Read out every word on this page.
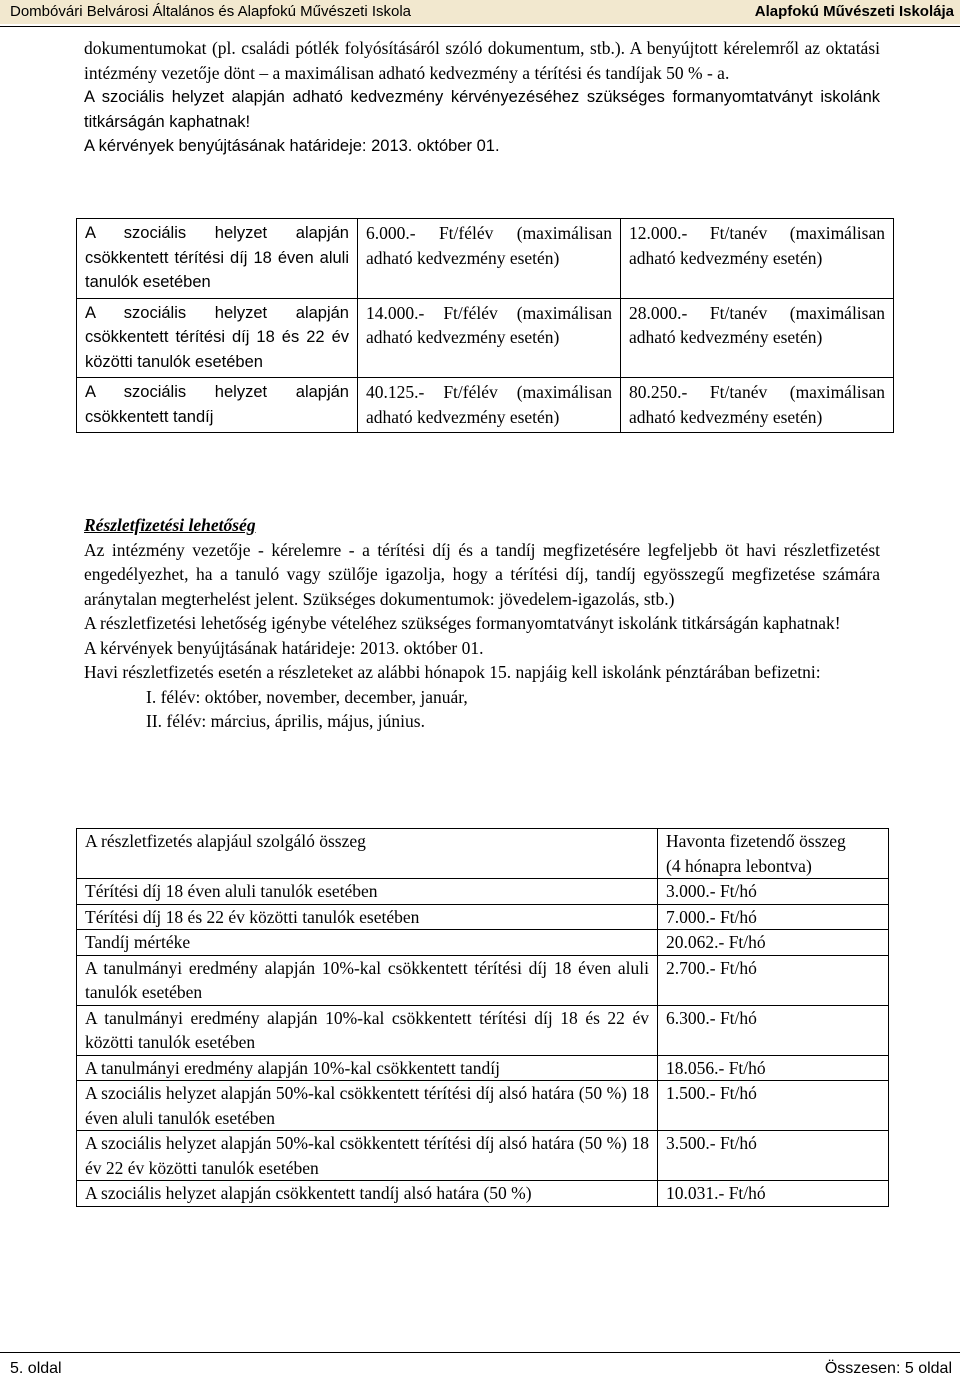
Dombóvári Belvárosi Általános és Alapfokú Művészeti Iskola	Alapfokú Művészeti Iskolája

dokumentumokat (pl. családi pótlék folyósításáról szóló dokumentum, stb.). A benyújtott kérelemről az oktatási intézmény vezetője dönt – a maximálisan adható kedvezmény a térítési és tandíjak 50 % - a.

A szociális helyzet alapján adható kedvezmény kérvényezéséhez szükséges formanyomtatványt iskolánk titkárságán kaphatnak!

A kérvények benyújtásának határideje: 2013. október 01.

A szociális helyzet alapján csökkentett térítési díj 18 éven aluli tanulók esetében	6.000.- Ft/félév (maximálisan adható kedvezmény esetén)	12.000.- Ft/tanév (maximálisan adható kedvezmény esetén)
A szociális helyzet alapján csökkentett térítési díj 18 és 22 év közötti tanulók esetében	14.000.- Ft/félév (maximálisan adható kedvezmény esetén)	28.000.- Ft/tanév (maximálisan adható kedvezmény esetén)
A szociális helyzet alapján csökkentett tandíj	40.125.- Ft/félév (maximálisan adható kedvezmény esetén)	80.250.- Ft/tanév (maximálisan adható kedvezmény esetén)

Részletfizetési lehetőség

Az intézmény vezetője - kérelemre - a térítési díj és a tandíj megfizetésére legfeljebb öt havi részletfizetést engedélyezhet, ha a tanuló vagy szülője igazolja, hogy a térítési díj, tandíj egyösszegű megfizetése számára aránytalan megterhelést jelent. Szükséges dokumentumok: jövedelem-igazolás, stb.)

A részletfizetési lehetőség igénybe vételéhez szükséges formanyomtatványt iskolánk titkárságán kaphatnak!

A kérvények benyújtásának határideje: 2013. október 01.

Havi részletfizetés esetén a részleteket az alábbi hónapok 15. napjáig kell iskolánk pénztárában befizetni:

I. félév: október, november, december, január,

II. félév: március, április, május, június.

A részletfizetés alapjául szolgáló összeg	Havonta fizetendő összeg
(4 hónapra lebontva)

Térítési díj 18 éven aluli tanulók esetében	3.000.- Ft/hó
Térítési díj 18 és 22 év közötti tanulók esetében	7.000.- Ft/hó
Tandíj mértéke	20.062.- Ft/hó
A tanulmányi eredmény alapján 10%-kal csökkentett térítési díj 18 éven aluli tanulók esetében	2.700.- Ft/hó
A tanulmányi eredmény alapján 10%-kal csökkentett térítési díj 18 és 22 év közötti tanulók esetében	6.300.- Ft/hó
A tanulmányi eredmény alapján 10%-kal csökkentett tandíj	18.056.- Ft/hó
A szociális helyzet alapján 50%-kal csökkentett térítési díj alsó határa (50 %) 18 éven aluli tanulók esetében	1.500.- Ft/hó
A szociális helyzet alapján 50%-kal csökkentett térítési díj alsó határa (50 %) 18 év 22 év közötti tanulók esetében	3.500.- Ft/hó
A szociális helyzet alapján csökkentett tandíj alsó határa (50 %)	10.031.- Ft/hó
5. oldal	Összesen: 5 oldal
